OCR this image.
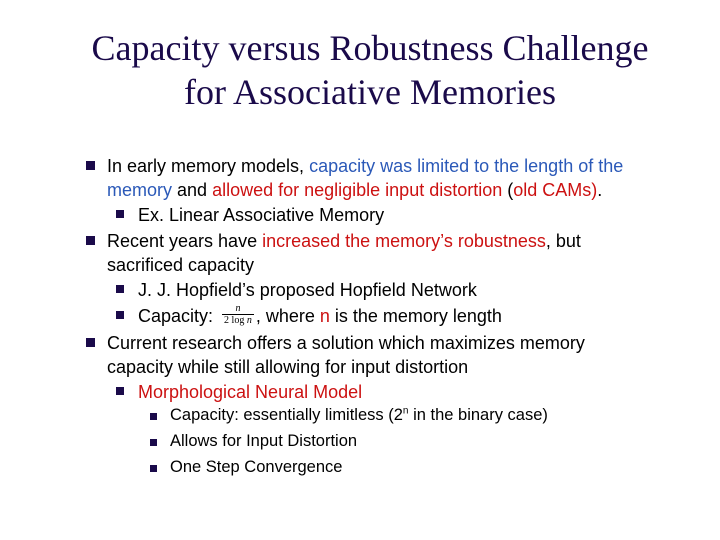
Capacity versus Robustness Challenge
for Associative Memories
In early memory models, capacity was limited to the length of the
memory and allowed for negligible input distortion (old CAMs).
Ex. Linear Associative Memory
Recent years have increased the memory’s robustness, but
sacrificed capacity
J. J. Hopfield’s proposed Hopfield Network
Capacity: $\frac{n}{\text{2 log n}}$ , where n is the memory length
Current research offers a solution which maximizes memory
capacity while still allowing for input distortion
Morphological Neural Model
Capacity: essentially limitless (2$^n$ in the binary case)
Allows for Input Distortion
One Step Convergence
